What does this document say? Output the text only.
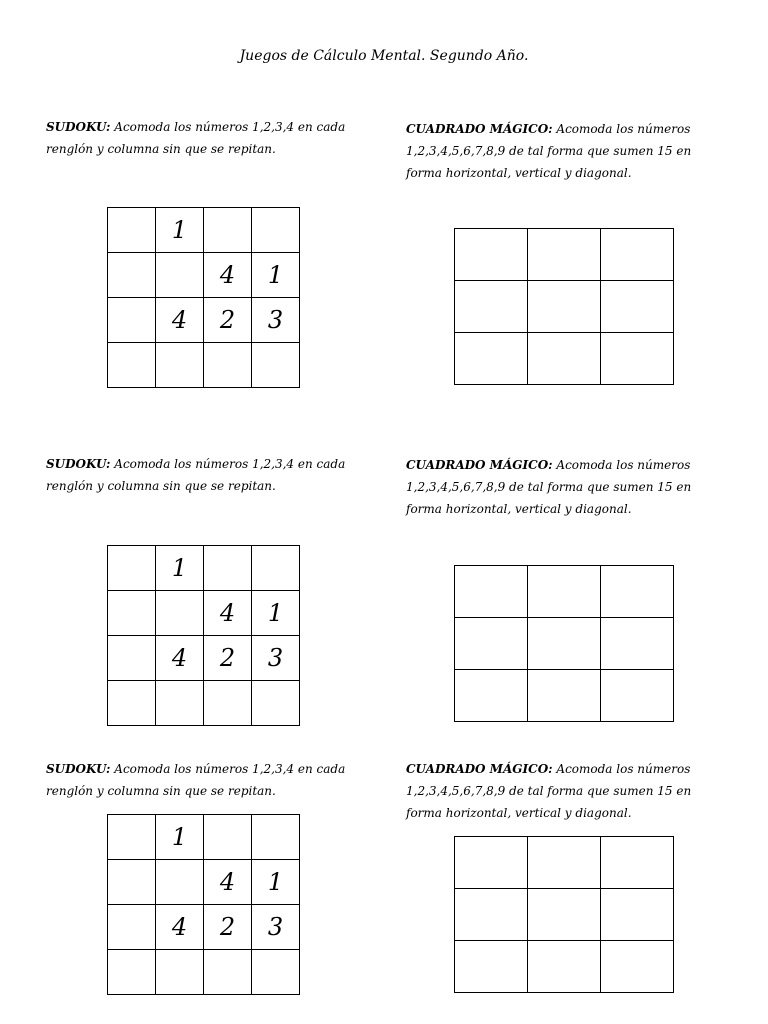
Juegos de Cálculo Mental. Segundo Año.
SUDOKU: Acomoda los números 1,2,3,4 en cada
renglón y columna sin que se repitan.
	1		
		4	1
	4	2	3

SUDOKU: Acomoda los números 1,2,3,4 en cada
renglón y columna sin que se repitan.
	1		
		4	1
	4	2	3

SUDOKU: Acomoda los números 1,2,3,4 en cada
renglón y columna sin que se repitan.
	1		
		4	1
	4	2	3

CUADRADO MÁGICO: Acomoda los números
1,2,3,4,5,6,7,8,9 de tal forma que sumen 15 en
forma horizontal, vertical y diagonal.

CUADRADO MÁGICO: Acomoda los números
1,2,3,4,5,6,7,8,9 de tal forma que sumen 15 en
forma horizontal, vertical y diagonal.

CUADRADO MÁGICO: Acomoda los números
1,2,3,4,5,6,7,8,9 de tal forma que sumen 15 en
forma horizontal, vertical y diagonal.
